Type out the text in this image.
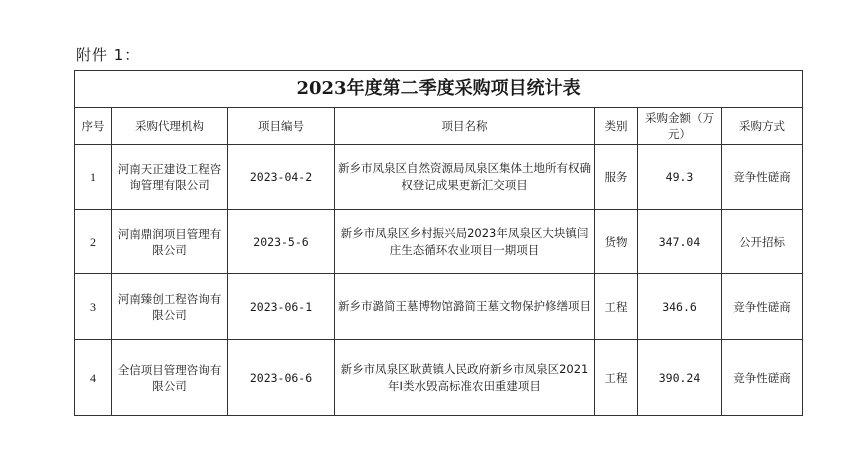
附件 1：
2023年度第二季度采购项目统计表						
序号	采购代理机构	项目编号	项目名称	类别	采购金额（万元）	采购方式
1	河南天正建设工程咨询管理有限公司	2023-04-2	新乡市凤泉区自然资源局凤泉区集体土地所有权确权登记成果更新汇交项目	服务	49.3	竞争性磋商
2	河南鼎润项目管理有限公司	2023-5-6	新乡市凤泉区乡村振兴局2023年凤泉区大块镇闫庄生态循环农业项目一期项目	货物	347.04	公开招标
3	河南臻创工程咨询有限公司	2023-06-1	新乡市潞简王墓博物馆潞简王墓文物保护修缮项目	工程	346.6	竞争性磋商
4	全信项目管理咨询有限公司	2023-06-6	新乡市凤泉区耿黄镇人民政府新乡市凤泉区2021年Ⅰ类水毁高标准农田重建项目	工程	390.24	竞争性磋商
